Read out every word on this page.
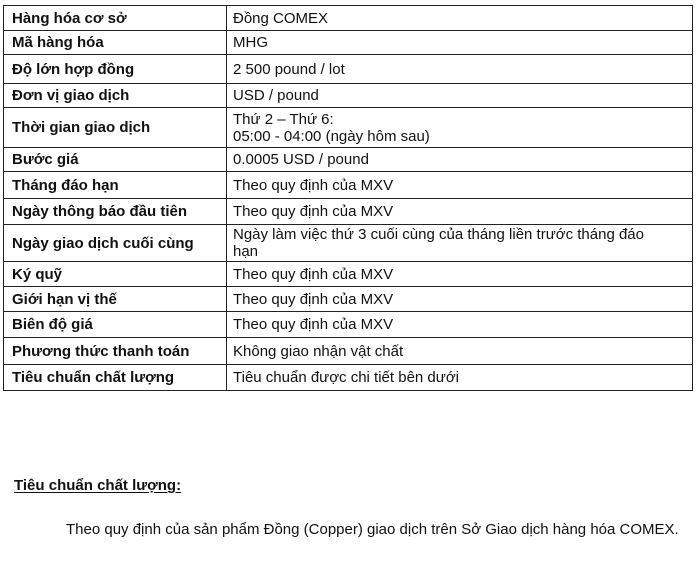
Hàng hóa cơ sở	Đồng COMEX

Mã hàng hóa	MHG

Độ lớn hợp đồng	2 500 pound / lot

Đơn vị giao dịch	USD / pound

Thời gian giao dịch	Thứ 2 – Thứ 6:
05:00 - 04:00 (ngày hôm sau)

Bước giá	0.0005 USD / pound

Tháng đáo hạn	Theo quy định của MXV

Ngày thông báo đầu tiên	Theo quy định của MXV

Ngày giao dịch cuối cùng	Ngày làm việc thứ 3 cuối cùng của tháng liền trước tháng đáo
hạn

Ký quỹ	Theo quy định của MXV

Giới hạn vị thế	Theo quy định của MXV

Biên độ giá	Theo quy định của MXV

Phương thức thanh toán	Không giao nhận vật chất

Tiêu chuẩn chất lượng	Tiêu chuẩn được chi tiết bên dưới
Tiêu chuẩn chất lượng:
Theo quy định của sản phẩm Đồng (Copper) giao dịch trên Sở Giao dịch hàng hóa COMEX.
